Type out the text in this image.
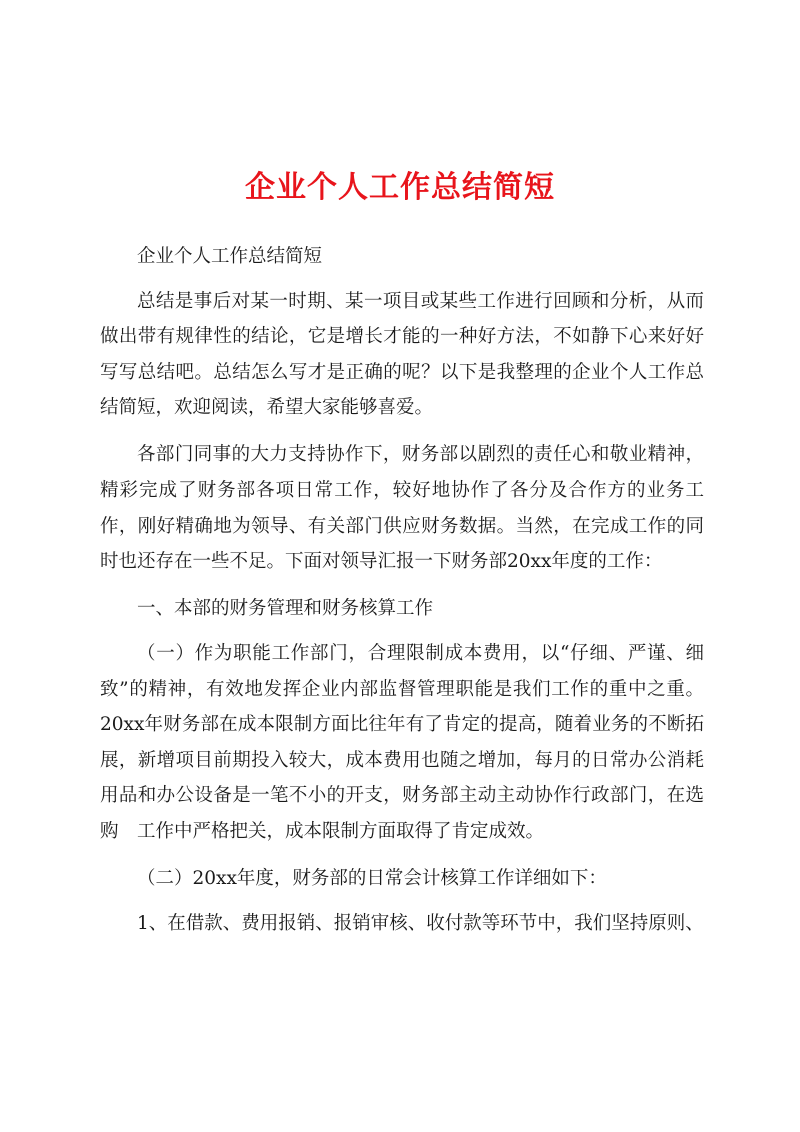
企业个人工作总结简短

企业个人工作总结简短

总结是事后对某一时期、某一项目或某些工作进行回顾和分析，从而做出带有规律性的结论，它是增长才能的一种好方法，不如静下心来好好写写总结吧。总结怎么写才是正确的呢？以下是我整理的企业个人工作总结简短，欢迎阅读，希望大家能够喜爱。

各部门同事的大力支持协作下，财务部以剧烈的责任心和敬业精神，精彩完成了财务部各项日常工作，较好地协作了各分及合作方的业务工作，刚好精确地为领导、有关部门供应财务数据。当然，在完成工作的同时也还存在一些不足。下面对领导汇报一下财务部20xx年度的工作：

一、本部的财务管理和财务核算工作

（一）作为职能工作部门，合理限制成本费用，以“仔细、严谨、细致”的精神，有效地发挥企业内部监督管理职能是我们工作的重中之重。20xx年财务部在成本限制方面比往年有了肯定的提高，随着业务的不断拓展，新增项目前期投入较大，成本费用也随之增加，每月的日常办公消耗用品和办公设备是一笔不小的开支，财务部主动主动协作行政部门，在选购　工作中严格把关，成本限制方面取得了肯定成效。

（二）20xx年度，财务部的日常会计核算工作详细如下：

1、在借款、费用报销、报销审核、收付款等环节中，我们坚持原则、
